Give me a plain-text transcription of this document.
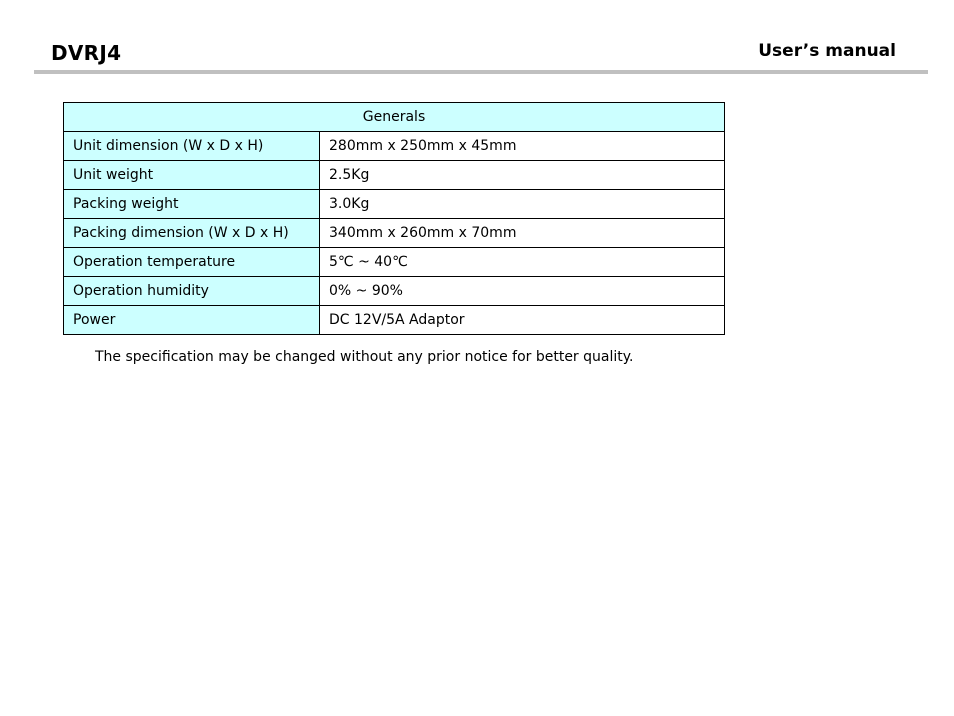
DVRJ4	User’s manual
Generals	
Unit dimension (W x D x H)	280mm x 250mm x 45mm
Unit weight	2.5Kg
Packing weight	3.0Kg
Packing dimension (W x D x H)	340mm x 260mm x 70mm
Operation temperature	5℃ ~ 40℃
Operation humidity	0% ~ 90%
Power	DC 12V/5A Adaptor
The specification may be changed without any prior notice for better quality.
